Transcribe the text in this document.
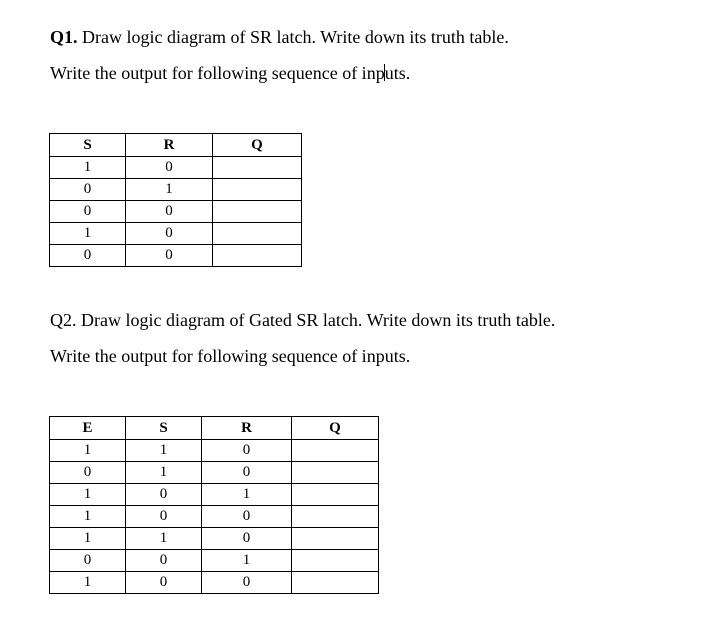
Q1. Draw logic diagram of SR latch. Write down its truth table.

Write the output for following sequence of inputs.

S	R	Q
1	0	
0	1	
0	0	
1	0	
0	0	

Q2. Draw logic diagram of Gated SR latch. Write down its truth table.

Write the output for following sequence of inputs.

E	S	R	Q
1	1	0	
0	1	0	
1	0	1	
1	0	0	
1	1	0	
0	0	1	
1	0	0	
